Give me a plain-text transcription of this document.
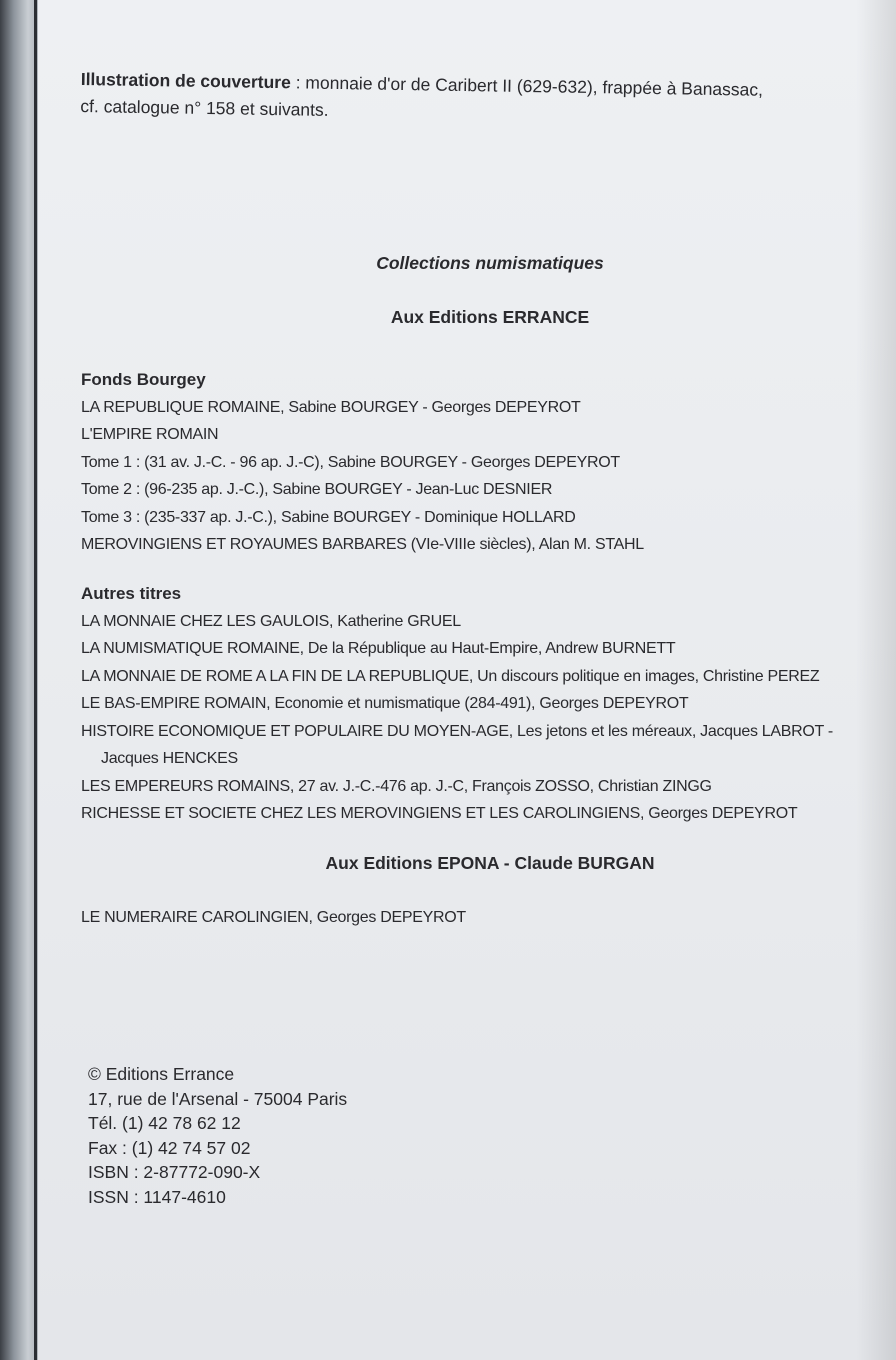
Illustration de couverture : monnaie d'or de Caribert II (629-632), frappée à Banassac,
cf. catalogue n° 158 et suivants.
Collections numismatiques
Aux Editions ERRANCE
Fonds Bourgey
LA REPUBLIQUE ROMAINE, Sabine BOURGEY - Georges DEPEYROT
L'EMPIRE ROMAIN
Tome 1 : (31 av. J.-C. - 96 ap. J.-C), Sabine BOURGEY - Georges DEPEYROT
Tome 2 : (96-235 ap. J.-C.), Sabine BOURGEY - Jean-Luc DESNIER
Tome 3 : (235-337 ap. J.-C.), Sabine BOURGEY - Dominique HOLLARD
MEROVINGIENS ET ROYAUMES BARBARES (VIe-VIIIe siècles), Alan M. STAHL
Autres titres
LA MONNAIE CHEZ LES GAULOIS, Katherine GRUEL
LA NUMISMATIQUE ROMAINE, De la République au Haut-Empire, Andrew BURNETT
LA MONNAIE DE ROME A LA FIN DE LA REPUBLIQUE, Un discours politique en images, Christine PEREZ
LE BAS-EMPIRE ROMAIN, Economie et numismatique (284-491), Georges DEPEYROT
HISTOIRE ECONOMIQUE ET POPULAIRE DU MOYEN-AGE, Les jetons et les méreaux, Jacques LABROT -
Jacques HENCKES
LES EMPEREURS ROMAINS, 27 av. J.-C.-476 ap. J.-C, François ZOSSO, Christian ZINGG
RICHESSE ET SOCIETE CHEZ LES MEROVINGIENS ET LES CAROLINGIENS, Georges DEPEYROT
Aux Editions EPONA - Claude BURGAN
LE NUMERAIRE CAROLINGIEN, Georges DEPEYROT
© Editions Errance
17, rue de l'Arsenal - 75004 Paris
Tél. (1) 42 78 62 12
Fax : (1) 42 74 57 02
ISBN : 2-87772-090-X
ISSN : 1147-4610
